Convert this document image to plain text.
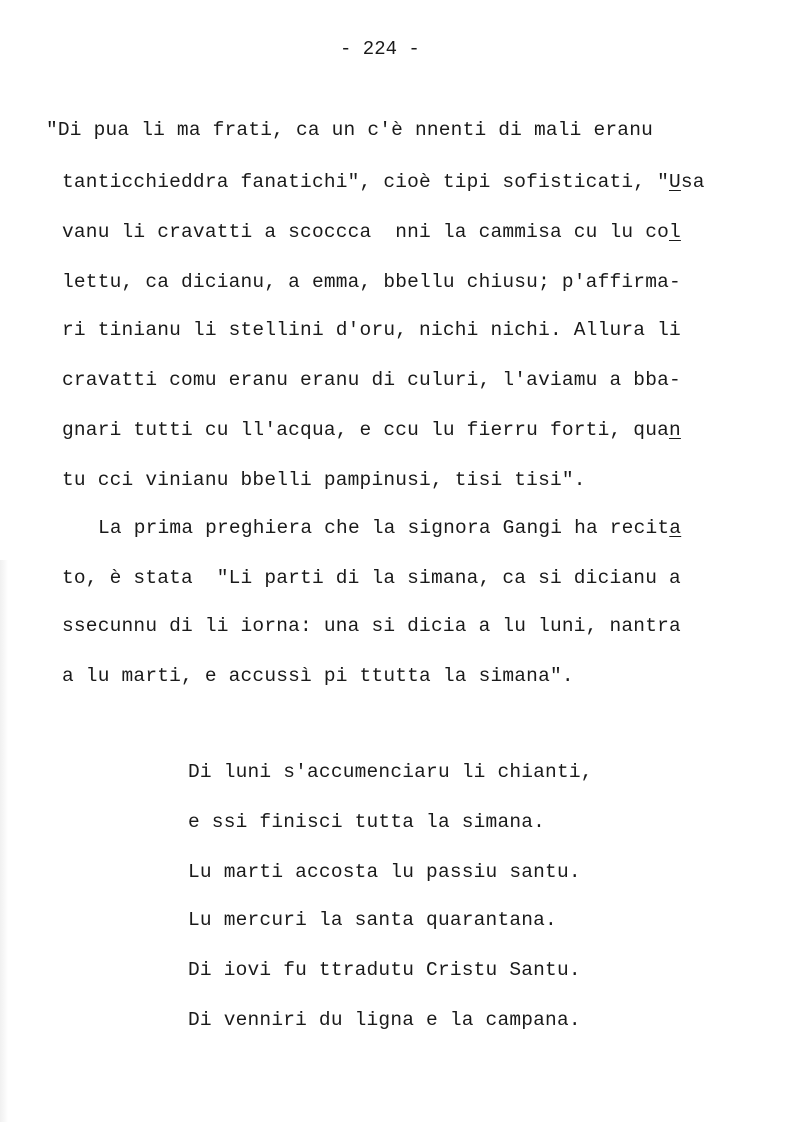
- 224 -
"Di pua li ma frati, ca un c'è nnenti di mali eranu
tanticchieddra fanatichi", cioè tipi sofisticati, "Usa
vanu li cravatti a scoccca  nni la cammisa cu lu col
lettu, ca dicianu, a emma, bbellu chiusu; p'affirma-
ri tinianu li stellini d'oru, nichi nichi. Allura li
cravatti comu eranu eranu di culuri, l'aviamu a bba-
gnari tutti cu ll'acqua, e ccu lu fierru forti, quan
tu cci vinianu bbelli pampinusi, tisi tisi".
La prima preghiera che la signora Gangi ha recita
to, è stata  "Li parti di la simana, ca si dicianu a
ssecunnu di li iorna: una si dicia a lu luni, nantra
a lu marti, e accussì pi ttutta la simana".
Di luni s'accumenciaru li chianti,
e ssi finisci tutta la simana.
Lu marti accosta lu passiu santu.
Lu mercuri la santa quarantana.
Di iovi fu ttradutu Cristu Santu.
Di venniri du ligna e la campana.
